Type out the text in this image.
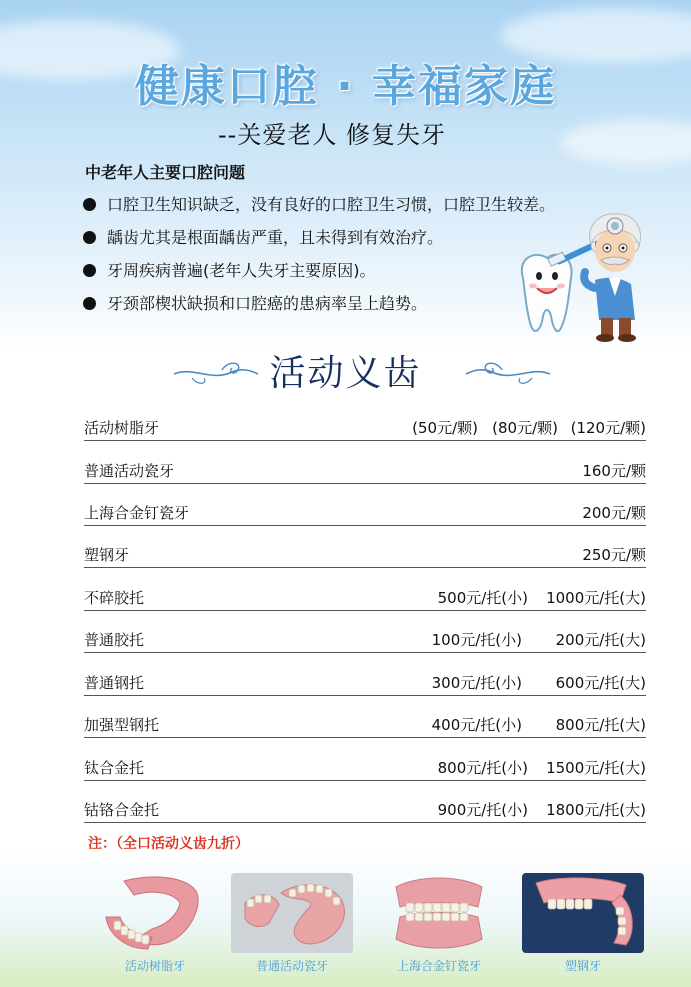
健康口腔 · 幸福家庭
--关爱老人 修复失牙
中老年人主要口腔问题
口腔卫生知识缺乏，没有良好的口腔卫生习惯，口腔卫生较差。
龋齿尤其是根面龋齿严重，且未得到有效治疗。
牙周疾病普遍(老年人失牙主要原因)。
牙颈部楔状缺损和口腔癌的患病率呈上趋势。
活动义齿
活动树脂牙	(50元/颗) (80元/颗) (120元/颗)
普通活动瓷牙	160元/颗
上海合金钉瓷牙	200元/颗
塑钢牙	250元/颗
不碎胶托	500元/托(小) 1000元/托(大)
普通胶托	100元/托(小) 200元/托(大)
普通钢托	300元/托(小) 600元/托(大)
加强型钢托	400元/托(小) 800元/托(大)
钛合金托	800元/托(小) 1500元/托(大)
钴铬合金托	900元/托(小) 1800元/托(大)
注：（全口活动义齿九折）
活动树脂牙	普通活动瓷牙	上海合金钉瓷牙	塑钢牙
